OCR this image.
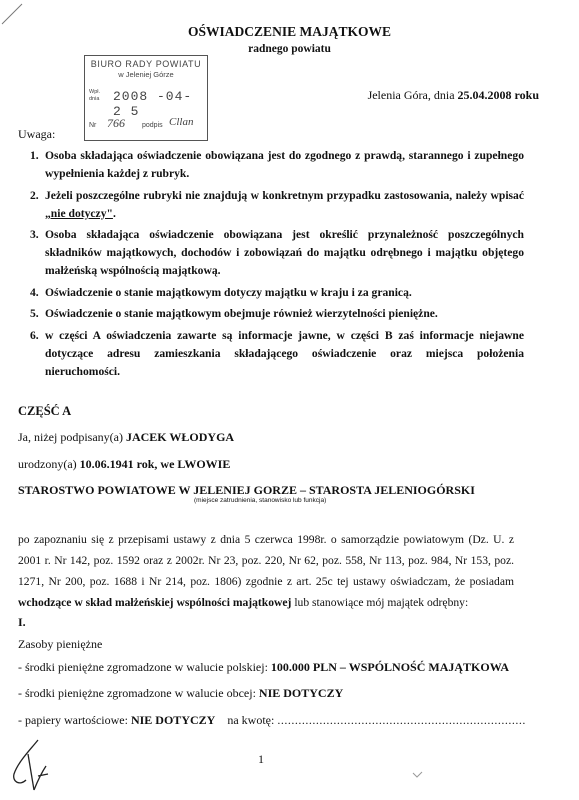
OŚWIADCZENIE MAJĄTKOWE
radnego powiatu
BIURO RADY POWIATU
w Jeleniej Górze
Wpł.
dnia 2008 -04- 2 5
Nr 766 podpis Cllan
Jelenia Góra, dnia 25.04.2008 roku
Uwaga:
1. Osoba składająca oświadczenie obowiązana jest do zgodnego z prawdą, starannego i zupełnego wypełnienia każdej z rubryk.
2. Jeżeli poszczególne rubryki nie znajdują w konkretnym przypadku zastosowania, należy wpisać „nie dotyczy".
3. Osoba składająca oświadczenie obowiązana jest określić przynależność poszczególnych składników majątkowych, dochodów i zobowiązań do majątku odrębnego i majątku objętego małżeńską wspólnością majątkową.
4. Oświadczenie o stanie majątkowym dotyczy majątku w kraju i za granicą.
5. Oświadczenie o stanie majątkowym obejmuje również wierzytelności pieniężne.
6. w części A oświadczenia zawarte są informacje jawne, w części B zaś informacje niejawne dotyczące adresu zamieszkania składającego oświadczenie oraz miejsca położenia nieruchomości.
CZĘŚĆ A
Ja, niżej podpisany(a) JACEK WŁODYGA
urodzony(a) 10.06.1941 rok, we LWOWIE
STAROSTWO POWIATOWE W JELENIEJ GORZE – STAROSTA JELENIOGÓRSKI
(miejsce zatrudnienia, stanowisko lub funkcja)
po zapoznaniu się z przepisami ustawy z dnia 5 czerwca 1998r. o samorządzie powiatowym (Dz. U. z 2001 r. Nr 142, poz. 1592 oraz z 2002r. Nr 23, poz. 220, Nr 62, poz. 558, Nr 113, poz. 984, Nr 153, poz. 1271, Nr 200, poz. 1688 i Nr 214, poz. 1806) zgodnie z art. 25c tej ustawy oświadczam, że posiadam wchodzące w skład małżeńskiej wspólności majątkowej lub stanowiące mój majątek odrębny:
I.
Zasoby pieniężne
- środki pieniężne zgromadzone w walucie polskiej: 100.000 PLN – WSPÓLNOŚĆ MAJĄTKOWA
- środki pieniężne zgromadzone w walucie obcej: NIE DOTYCZY
- papiery wartościowe: NIE DOTYCZY na kwotę: .......................................................................
1
